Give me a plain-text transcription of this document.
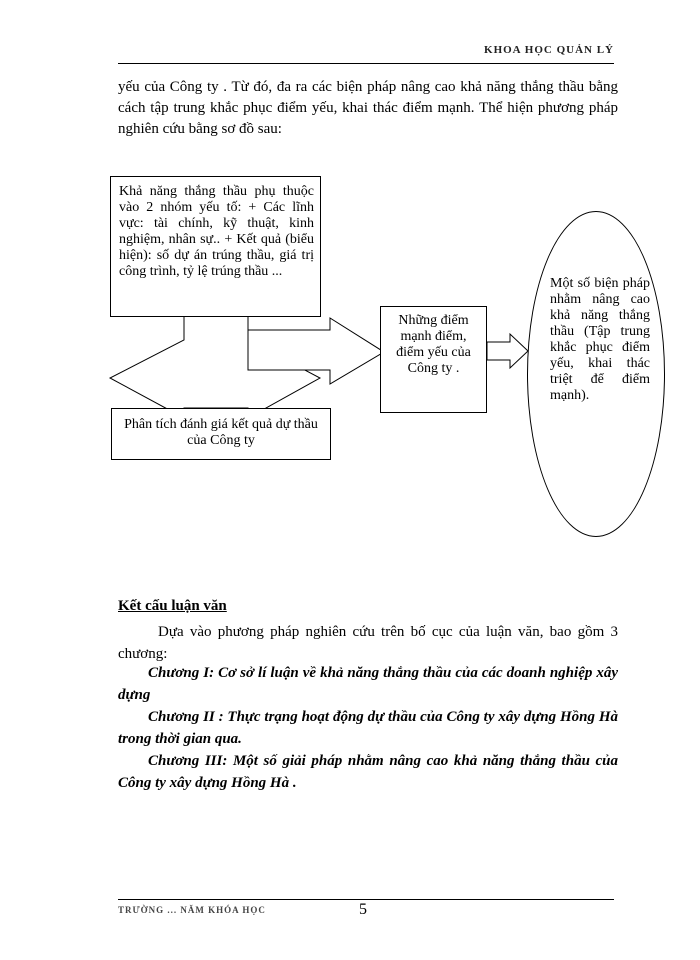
KHOA HỌC QUẢN LÝ
yếu của Công ty . Từ đó, đa ra các biện pháp nâng cao khả năng thắng thầu bằng cách tập trung khắc phục điểm yếu, khai thác điểm mạnh. Thể hiện phương pháp nghiên cứu bằng sơ đồ sau:
Khả năng thắng thầu phụ thuộc vào 2 nhóm yếu tố: + Các lĩnh vực: tài chính, kỹ thuật, kinh nghiệm, nhân sự.. + Kết quả (biểu hiện): số dự án trúng thầu, giá trị công trình, tỷ lệ trúng thầu ...
Phân tích đánh giá kết quả dự thầu của Công ty
Những điểm mạnh điểm, điểm yếu của Công ty .
Một số biện pháp nhằm nâng cao khả năng thắng thầu (Tập trung khắc phục điểm yếu, khai thác triệt để điểm mạnh).
Kết cấu luận văn
Dựa vào phương pháp nghiên cứu trên bố cục của luận văn, bao gồm 3 chương:
Chương I: Cơ sở lí luận về khả năng thắng thầu của các doanh nghiệp xây dựng
Chương II : Thực trạng hoạt động dự thầu của Công ty xây dựng Hồng Hà trong thời gian qua.
Chương III: Một số giải pháp nhằm nâng cao khả năng thắng thầu của Công ty xây dựng Hồng Hà .
TRƯỜNG ... NĂM KHÓA HỌC	5
